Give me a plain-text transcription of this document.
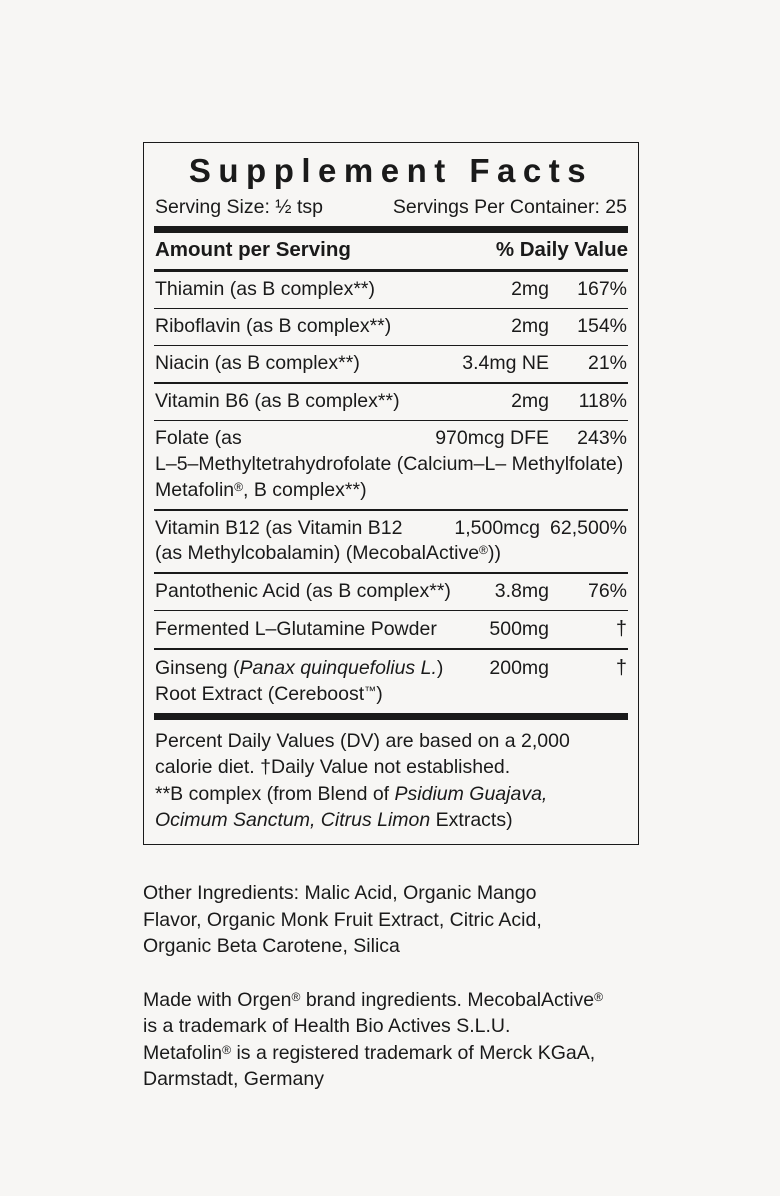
Supplement Facts
Serving Size: ½ tsp	Servings Per Container: 25
Amount per Serving	% Daily Value
Thiamin (as B complex**)	2mg	167%
Riboflavin (as B complex**)	2mg	154%
Niacin (as B complex**)	3.4mg NE	21%
Vitamin B6 (as B complex**)	2mg	118%
Folate (as	970mcg DFE	243%
L–5–Methyltetrahydrofolate (Calcium–L– Methylfolate)
Metafolin®, B complex**)
Vitamin B12 (as Vitamin B12	1,500mcg 62,500%
(as Methylcobalamin) (MecobalActive®))
Pantothenic Acid (as B complex**)	3.8mg	76%
Fermented L–Glutamine Powder	500mg	†
Ginseng (Panax quinquefolius L.)	200mg	†
Root Extract (Cereboost™)

Percent Daily Values (DV) are based on a 2,000

calorie diet. †Daily Value not established.

**B complex (from Blend of Psidium Guajava,

Ocimum Sanctum, Citrus Limon Extracts)

Other Ingredients: Malic Acid, Organic Mango

Flavor, Organic Monk Fruit Extract, Citric Acid,

Organic Beta Carotene, Silica

Made with Orgen® brand ingredients. MecobalActive®

is a trademark of Health Bio Actives S.L.U.

Metafolin® is a registered trademark of Merck KGaA,

Darmstadt, Germany
